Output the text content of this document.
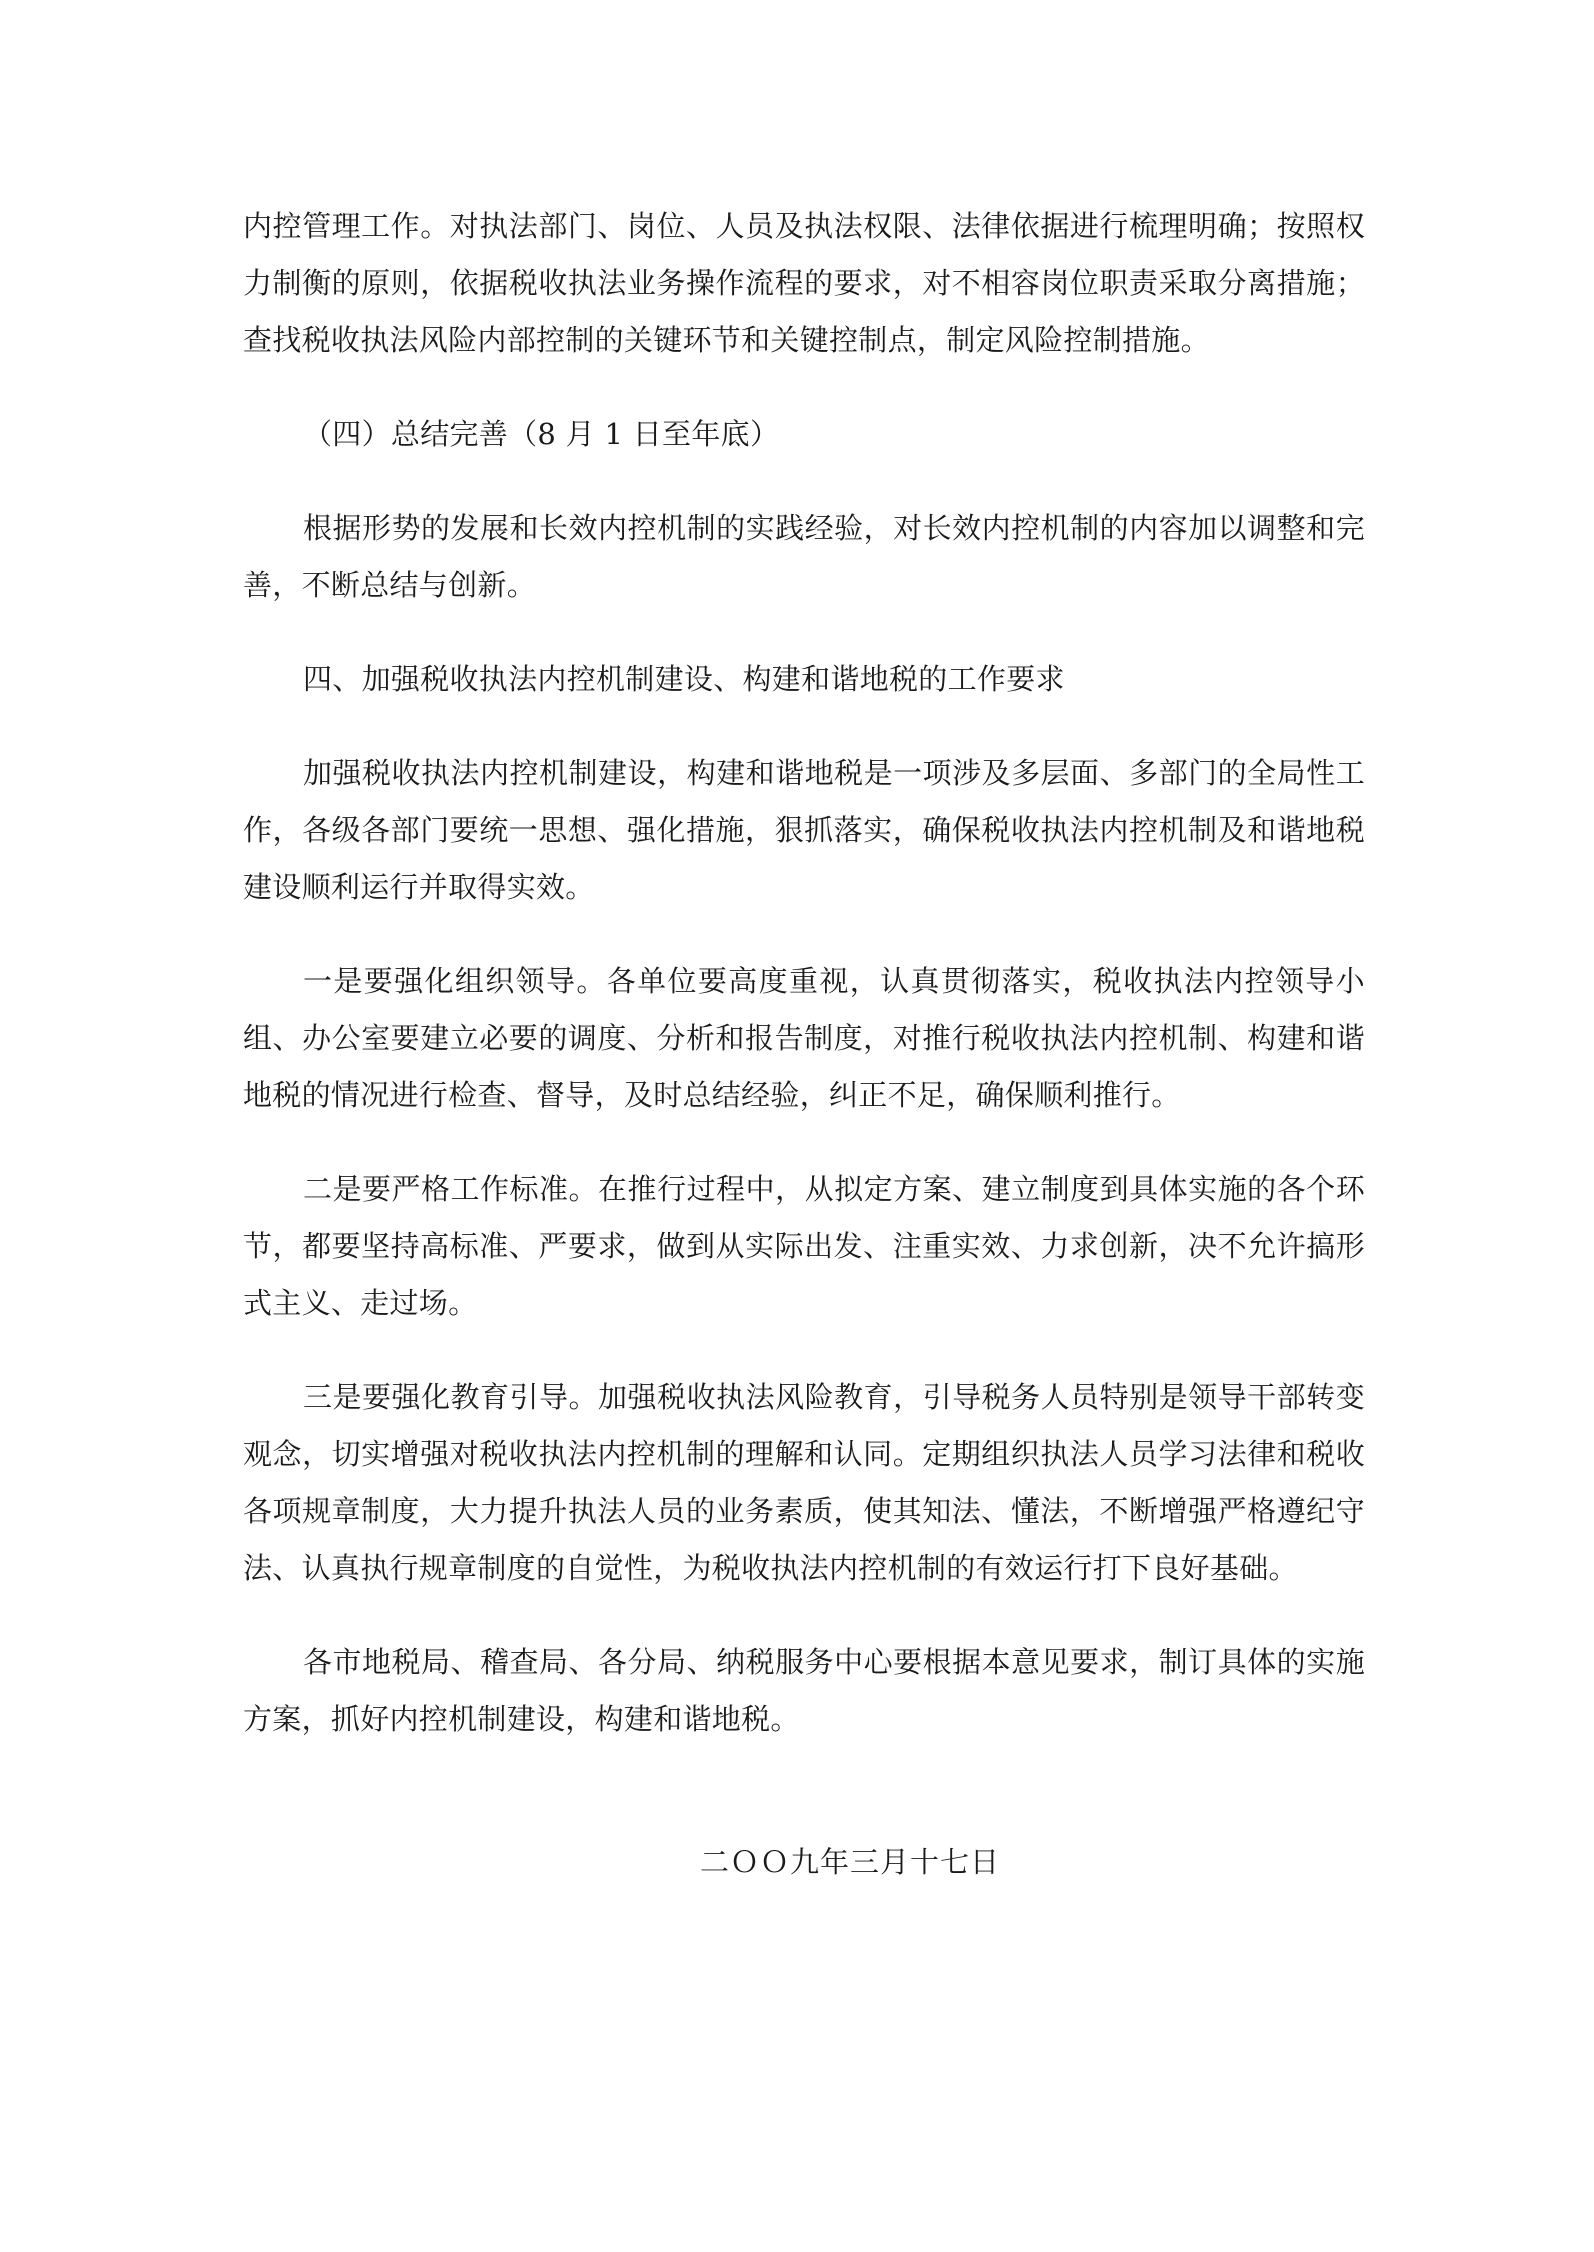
内控管理工作。对执法部门、岗位、人员及执法权限、法律依据进行梳理明确；按照权力制衡的原则，依据税收执法业务操作流程的要求，对不相容岗位职责采取分离措施；查找税收执法风险内部控制的关键环节和关键控制点，制定风险控制措施。

（四）总结完善（8 月 1 日至年底）

根据形势的发展和长效内控机制的实践经验，对长效内控机制的内容加以调整和完善，不断总结与创新。

四、加强税收执法内控机制建设、构建和谐地税的工作要求

加强税收执法内控机制建设，构建和谐地税是一项涉及多层面、多部门的全局性工作，各级各部门要统一思想、强化措施，狠抓落实，确保税收执法内控机制及和谐地税建设顺利运行并取得实效。

一是要强化组织领导。各单位要高度重视，认真贯彻落实，税收执法内控领导小组、办公室要建立必要的调度、分析和报告制度，对推行税收执法内控机制、构建和谐地税的情况进行检查、督导，及时总结经验，纠正不足，确保顺利推行。

二是要严格工作标准。在推行过程中，从拟定方案、建立制度到具体实施的各个环节，都要坚持高标准、严要求，做到从实际出发、注重实效、力求创新，决不允许搞形式主义、走过场。

三是要强化教育引导。加强税收执法风险教育，引导税务人员特别是领导干部转变观念，切实增强对税收执法内控机制的理解和认同。定期组织执法人员学习法律和税收各项规章制度，大力提升执法人员的业务素质，使其知法、懂法，不断增强严格遵纪守法、认真执行规章制度的自觉性，为税收执法内控机制的有效运行打下良好基础。

各市地税局、稽查局、各分局、纳税服务中心要根据本意见要求，制订具体的实施方案，抓好内控机制建设，构建和谐地税。

二ＯＯ九年三月十七日
